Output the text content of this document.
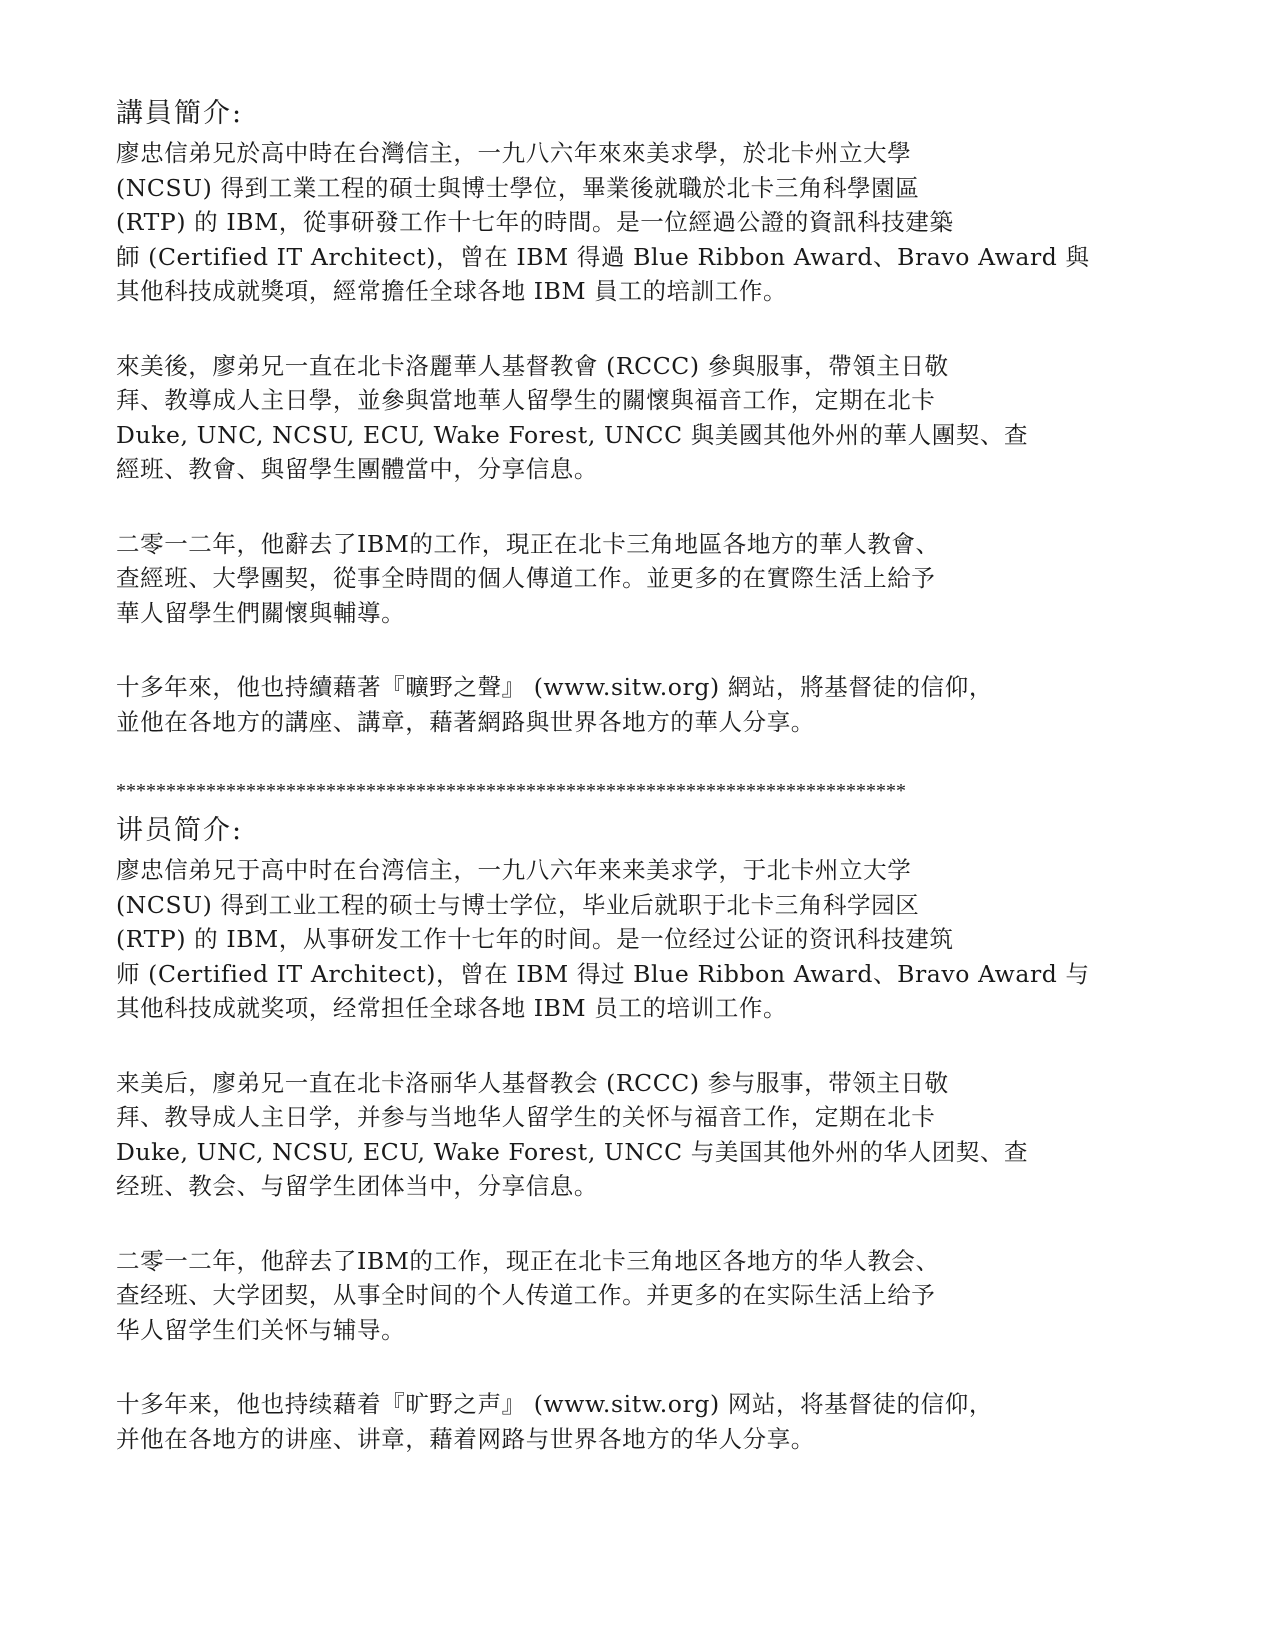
講員簡介:

廖忠信弟兄於高中時在台灣信主，一九八六年來來美求學，於北卡州立大學
(NCSU) 得到工業工程的碩士與博士學位，畢業後就職於北卡三角科學園區
(RTP) 的 IBM，從事研發工作十七年的時間。是一位經過公證的資訊科技建築
師 (Certified IT Architect)，曾在 IBM 得過 Blue Ribbon Award、Bravo Award 與
其他科技成就獎項，經常擔任全球各地 IBM 員工的培訓工作。

來美後，廖弟兄一直在北卡洛麗華人基督教會 (RCCC) 參與服事，帶領主日敬
拜、教導成人主日學，並參與當地華人留學生的關懷與福音工作，定期在北卡
Duke, UNC, NCSU, ECU, Wake Forest, UNCC 與美國其他外州的華人團契、查
經班、教會、與留學生團體當中，分享信息。

二零一二年，他辭去了IBM的工作，現正在北卡三角地區各地方的華人教會、
查經班、大學團契，從事全時間的個人傳道工作。並更多的在實際生活上給予
華人留學生們關懷與輔導。

十多年來，他也持續藉著『曠野之聲』 (www.sitw.org) 網站，將基督徒的信仰，
並他在各地方的講座、講章，藉著網路與世界各地方的華人分享。

*******************************************************************************

讲员简介:

廖忠信弟兄于高中时在台湾信主，一九八六年来来美求学，于北卡州立大学
(NCSU) 得到工业工程的硕士与博士学位，毕业后就职于北卡三角科学园区
(RTP) 的 IBM，从事研发工作十七年的时间。是一位经过公证的资讯科技建筑
师 (Certified IT Architect)，曾在 IBM 得过 Blue Ribbon Award、Bravo Award 与
其他科技成就奖项，经常担任全球各地 IBM 员工的培训工作。

来美后，廖弟兄一直在北卡洛丽华人基督教会 (RCCC) 参与服事，带领主日敬
拜、教导成人主日学，并参与当地华人留学生的关怀与福音工作，定期在北卡
Duke, UNC, NCSU, ECU, Wake Forest, UNCC 与美国其他外州的华人团契、查
经班、教会、与留学生团体当中，分享信息。

二零一二年，他辞去了IBM的工作，现正在北卡三角地区各地方的华人教会、
查经班、大学团契，从事全时间的个人传道工作。并更多的在实际生活上给予
华人留学生们关怀与辅导。

十多年来，他也持续藉着『旷野之声』 (www.sitw.org) 网站，将基督徒的信仰，
并他在各地方的讲座、讲章，藉着网路与世界各地方的华人分享。
